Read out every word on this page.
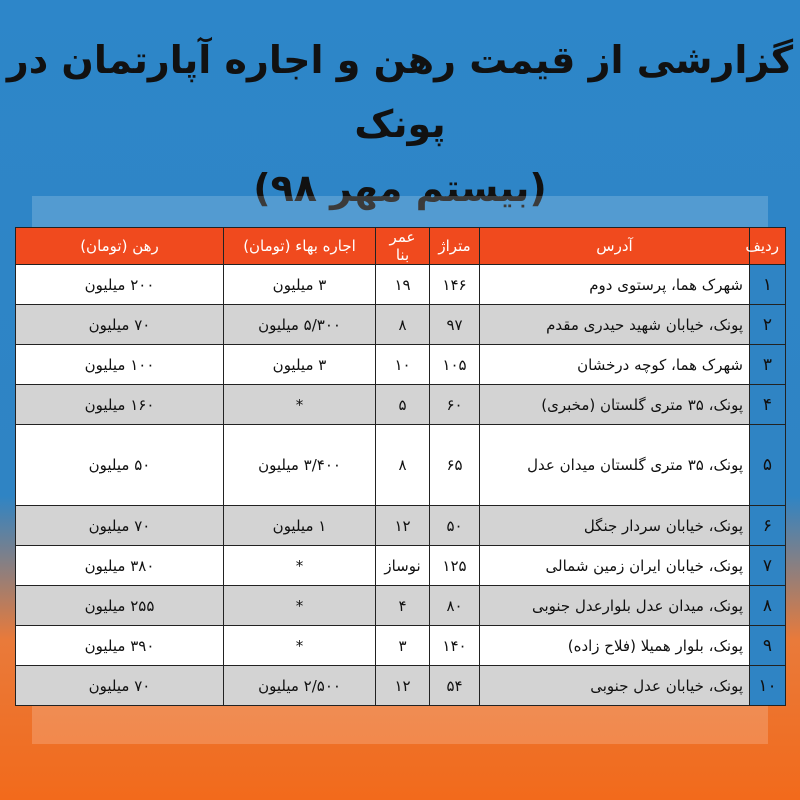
گزارشی از قیمت رهن و اجاره آپارتمان در پونک
(بیستم مهر ۹۸)
ردیف	آدرس	متراژ	عمر بنا	اجاره بهاء (تومان)	رهن (تومان)
۱	شهرک هما، پرستوی دوم	۱۴۶	۱۹	۳ میلیون	۲۰۰ میلیون
۲	پونک، خیابان شهید حیدری مقدم	۹۷	۸	۵/۳۰۰ میلیون	۷۰ میلیون
۳	شهرک هما، کوچه درخشان	۱۰۵	۱۰	۳ میلیون	۱۰۰ میلیون
۴	پونک، ۳۵ متری گلستان (مخبری)	۶۰	۵	*	۱۶۰ میلیون
۵	پونک، ۳۵ متری گلستان میدان عدل	۶۵	۸	۳/۴۰۰ میلیون	۵۰ میلیون
۶	پونک، خیابان سردار جنگل	۵۰	۱۲	۱ میلیون	۷۰ میلیون
۷	پونک، خیابان ایران زمین شمالی	۱۲۵	نوساز	*	۳۸۰ میلیون
۸	پونک، میدان عدل بلوارعدل جنوبی	۸۰	۴	*	۲۵۵ میلیون
۹	پونک، بلوار همیلا (فلاح زاده)	۱۴۰	۳	*	۳۹۰ میلیون
۱۰	پونک، خیابان عدل جنوبی	۵۴	۱۲	۲/۵۰۰ میلیون	۷۰ میلیون
